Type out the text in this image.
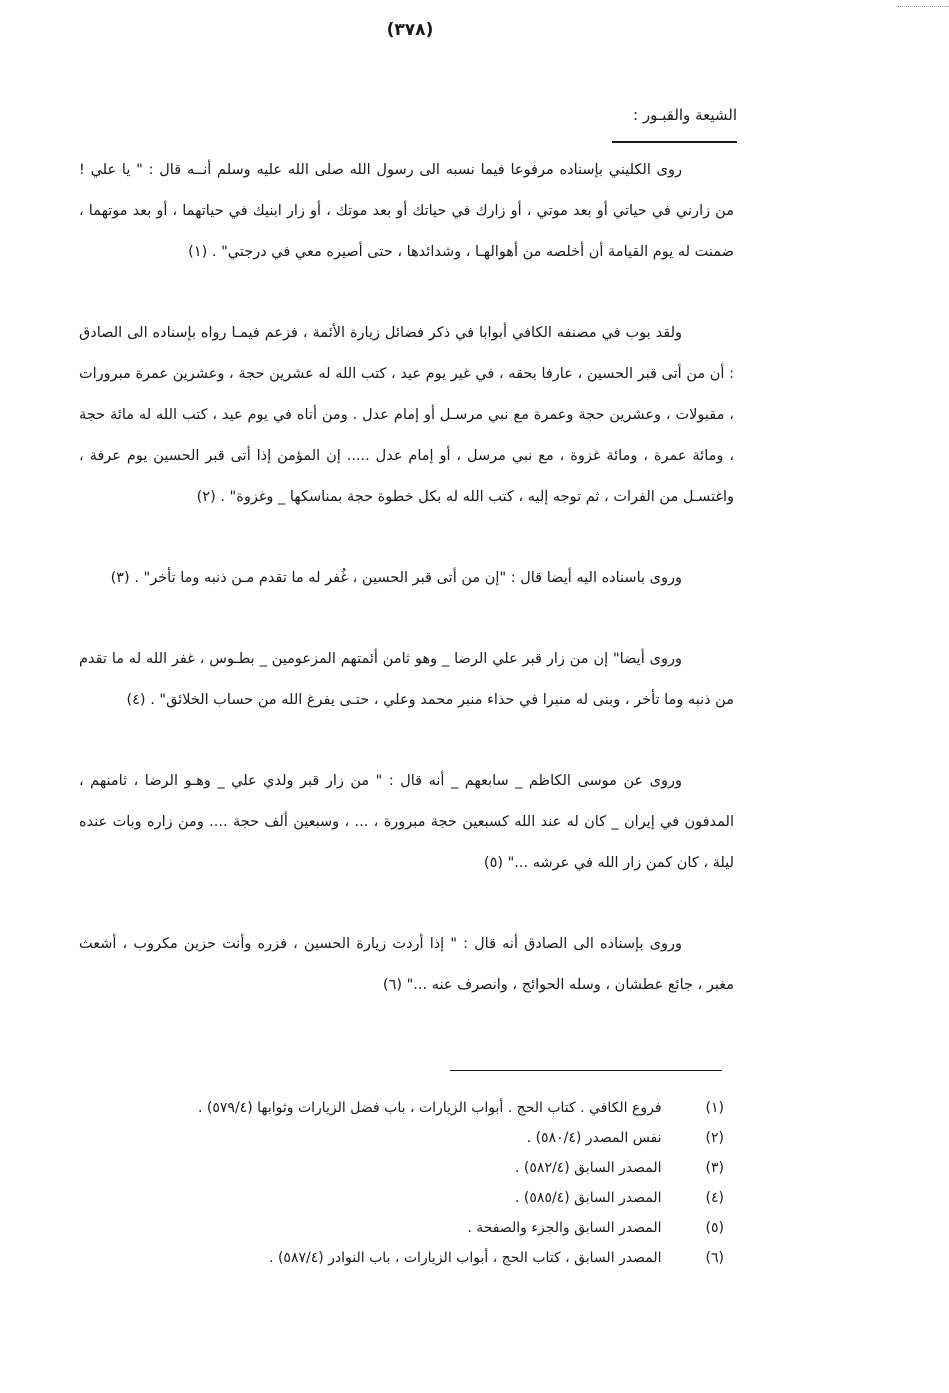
(٣٧٨)
الشيعة والقبـور :

روى الكليني بإسناده مرفوعا فيما نسبه الى رسول الله صلى الله عليه وسلم أنــه قال : " يا علي ! من زارني في حياتي أو بعد موتي ، أو زارك في حياتك أو بعد موتك ، أو زار ابنيك في حياتهما ، أو بعد موتهما ، ضمنت له يوم القيامة أن أخلصه من أهوالهـا ، وشدائدها ، حتى أصيره معي في درجتي" . (١)

ولقد بوب في مصنفه الكافي أبوابا في ذكر فضائل زيارة الأئمة ، فزعم فيمـا رواه بإسناده الى الصادق : أن من أتى قبر الحسين ، عارفا بحقه ، في غير يوم عيد ، كتب الله له عشرين حجة ، وعشرين عمرة مبرورات ، مقبولات ، وعشرين حجة وعمرة مع نبي مرسـل أو إمام عدل . ومن أتاه في يوم عيد ، كتب الله له مائة حجة ، ومائة عمرة ، ومائة غزوة ، مع نبي مرسل ، أو إمام عدل ..... إن المؤمن إذا أتى قبر الحسين يوم عرفة ، واغتسـل من الفرات ، ثم توجه إليه ، كتب الله له بكل خطوة حجة بمناسكها _ وغزوة" . (٢)

وروى باسناده اليه أيضا قال : "إن من أتى قبر الحسين ، غُفر له ما تقدم مـن ذنبه وما تأخر" . (٣)

وروى أيضا" إن من زار قبر علي الرضا _ وهو ثامن أئمتهم المزعومين _ بطـوس ، غفر الله له ما تقدم من ذنبه وما تأخر ، وبنى له منبرا في حذاء منبر محمد وعلي ، حتـى يفرغ الله من حساب الخلائق" . (٤)

وروى عن موسى الكاظم _ سابعهم _ أنه قال : " من زار قبر ولدي علي _ وهـو الرضا ، ثامنهم ، المدفون في إيران _ كان له عند الله كسبعين حجة مبرورة ، ... ، وسبعين ألف حجة .... ومن زاره وبات عنده ليلة ، كان كمن زار الله في عرشه ..." (٥)

وروى بإسناده الى الصادق أنه قال : " إذا أردت زيارة الحسين ، فزره وأنت حزين مكروب ، أشعث مغبر ، جائع عطشان ، وسله الحوائج ، وانصرف عنه ..." (٦)

(١) فروع الكافي . كتاب الحج . أبواب الزيارات ، باب فضل الزيارات وثوابها (٥٧٩/٤) .
(٢) نفس المصدر (٥٨٠/٤) .
(٣) المصدر السابق (٥٨٢/٤) .
(٤) المصدر السابق (٥٨٥/٤) .
(٥) المصدر السابق والجزء والصفحة .
(٦) المصدر السابق ، كتاب الحج ، أبواب الزيارات ، باب النوادر (٥٨٧/٤) .
